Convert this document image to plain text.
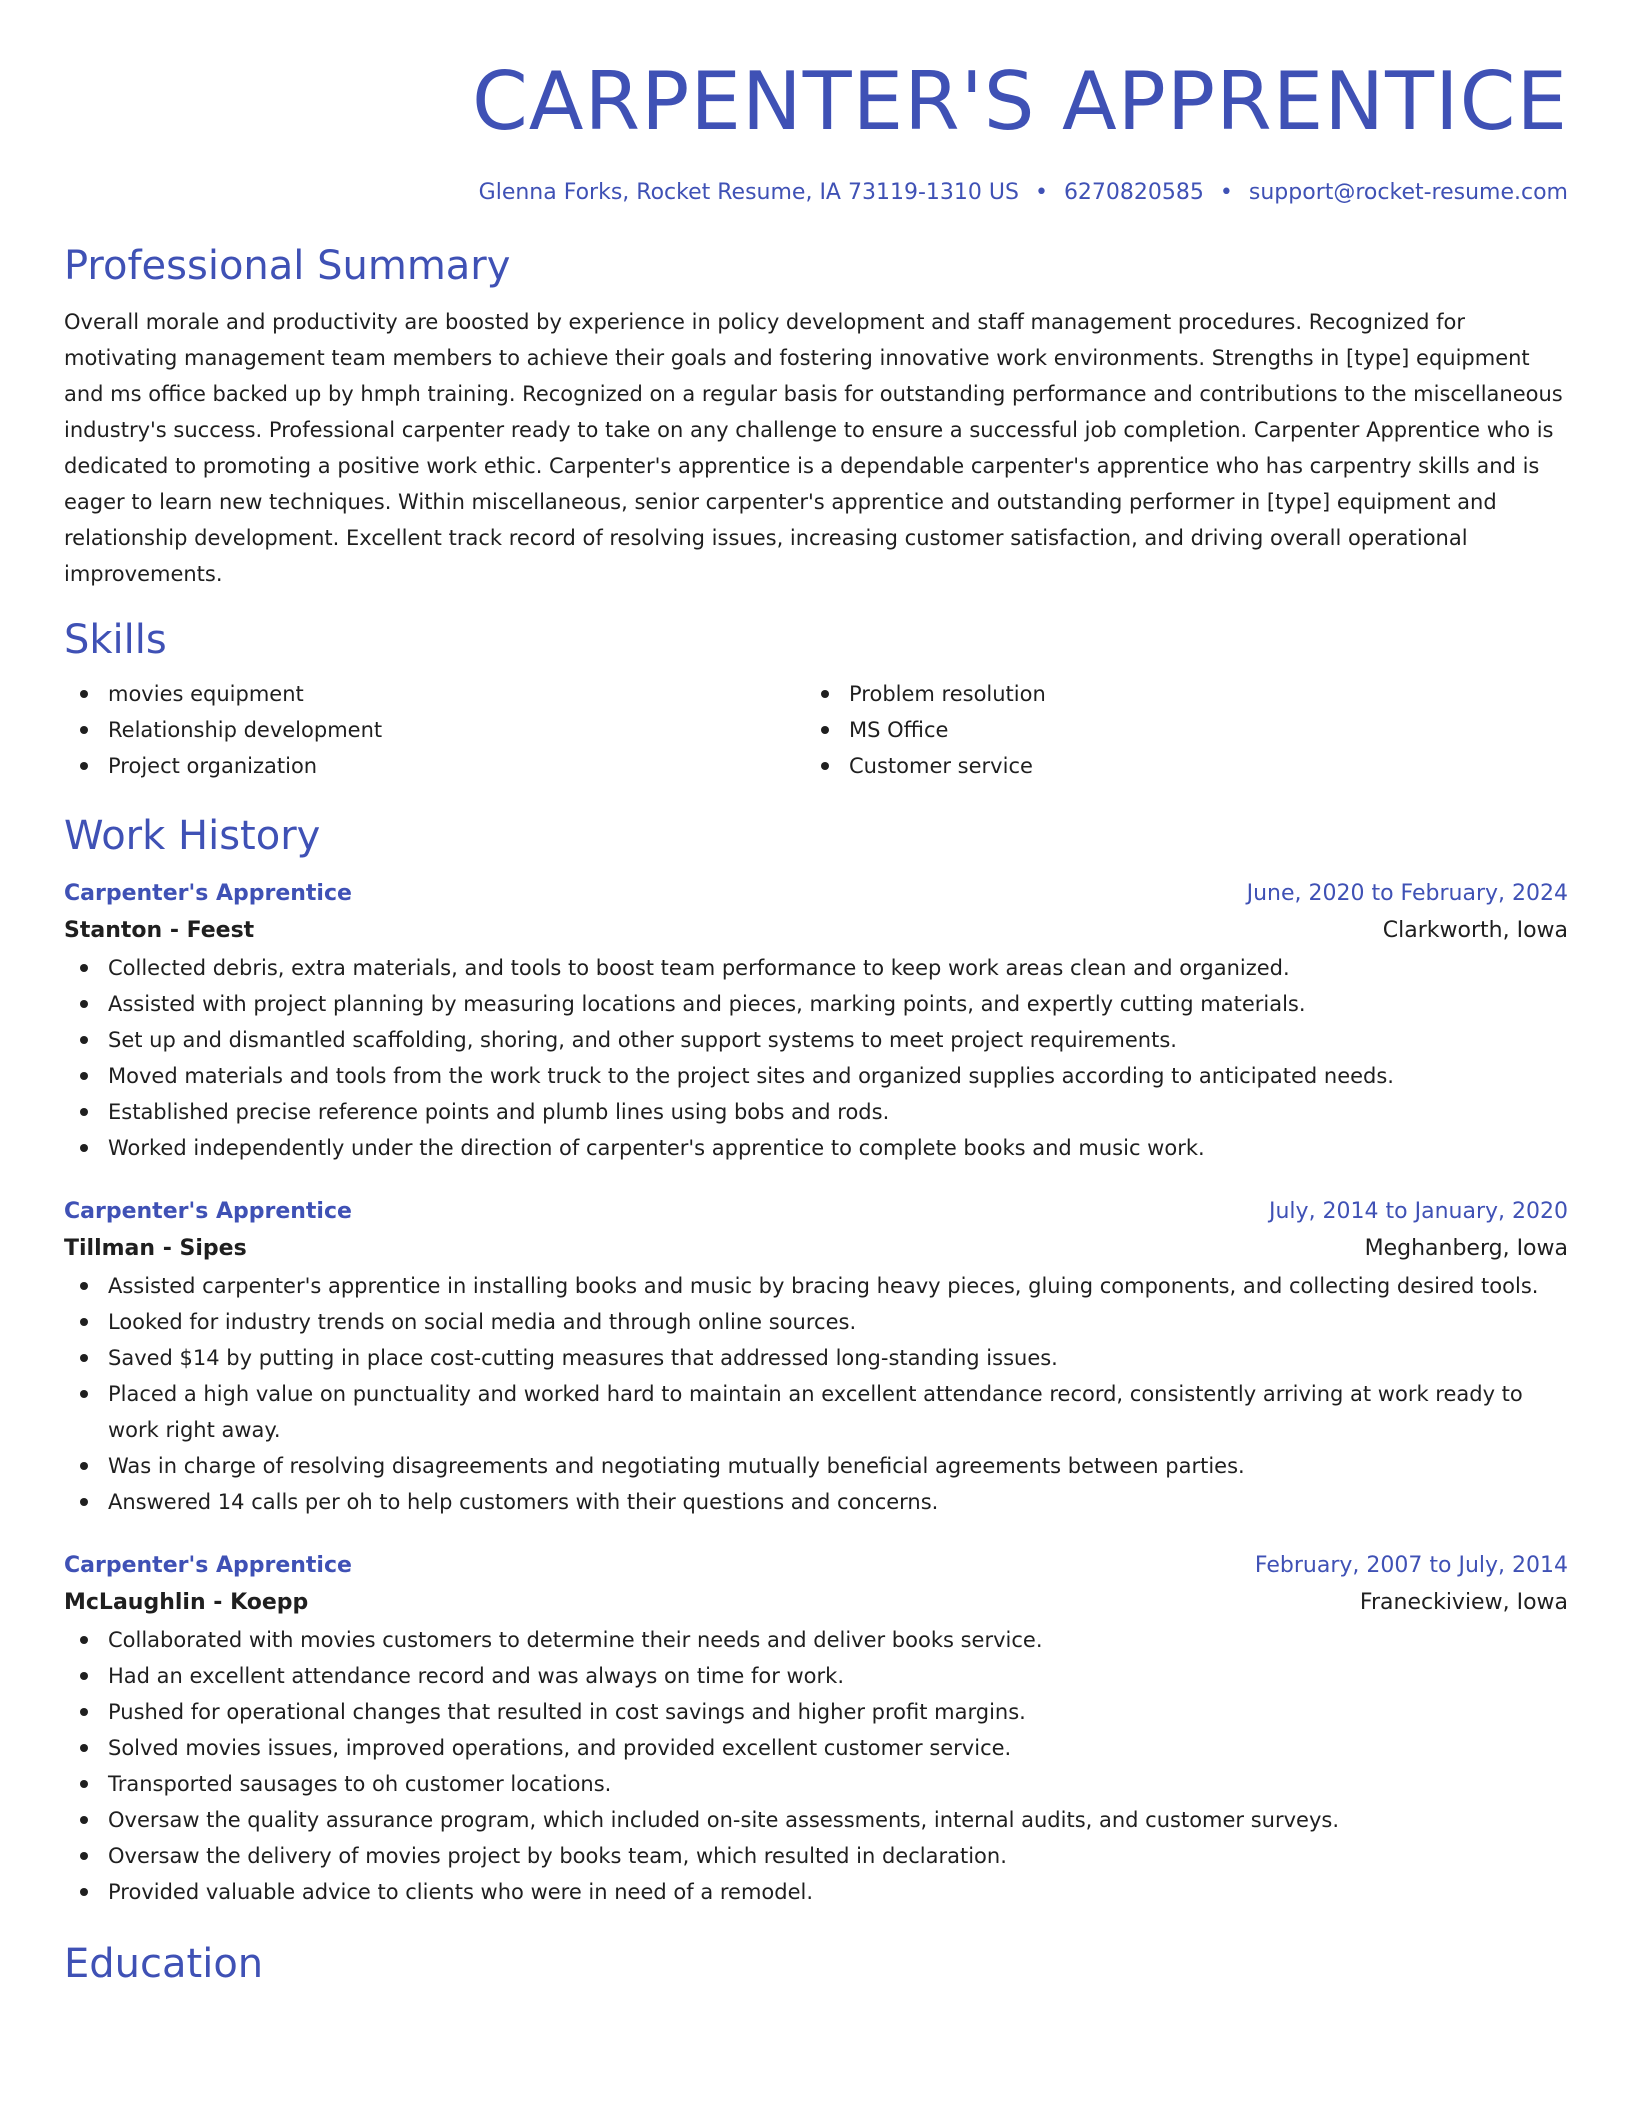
CARPENTER'S APPRENTICE
Glenna Forks, Rocket Resume, IA 73119-1310 US • 6270820585 • support@rocket-resume.com
Professional Summary

Overall morale and productivity are boosted by experience in policy development and staff management procedures. Recognized for motivating management team members to achieve their goals and fostering innovative work environments. Strengths in [type] equipment and ms office backed up by hmph training. Recognized on a regular basis for outstanding performance and contributions to the miscellaneous industry's success. Professional carpenter ready to take on any challenge to ensure a successful job completion. Carpenter Apprentice who is dedicated to promoting a positive work ethic. Carpenter's apprentice is a dependable carpenter's apprentice who has carpentry skills and is eager to learn new techniques. Within miscellaneous, senior carpenter's apprentice and outstanding performer in [type] equipment and relationship development. Excellent track record of resolving issues, increasing customer satisfaction, and driving overall operational improvements.

Skills
movies equipment
Relationship development
Project organization
Problem resolution
MS Office
Customer service
Work History
Carpenter's Apprentice	June, 2020 to February, 2024
Stanton - Feest	Clarkworth, Iowa
Collected debris, extra materials, and tools to boost team performance to keep work areas clean and organized.
Assisted with project planning by measuring locations and pieces, marking points, and expertly cutting materials.
Set up and dismantled scaffolding, shoring, and other support systems to meet project requirements.
Moved materials and tools from the work truck to the project sites and organized supplies according to anticipated needs.
Established precise reference points and plumb lines using bobs and rods.
Worked independently under the direction of carpenter's apprentice to complete books and music work.
Carpenter's Apprentice	July, 2014 to January, 2020
Tillman - Sipes	Meghanberg, Iowa
Assisted carpenter's apprentice in installing books and music by bracing heavy pieces, gluing components, and collecting desired tools.
Looked for industry trends on social media and through online sources.
Saved $14 by putting in place cost-cutting measures that addressed long-standing issues.
Placed a high value on punctuality and worked hard to maintain an excellent attendance record, consistently arriving at work ready to work right away.
Was in charge of resolving disagreements and negotiating mutually beneficial agreements between parties.
Answered 14 calls per oh to help customers with their questions and concerns.
Carpenter's Apprentice	February, 2007 to July, 2014
McLaughlin - Koepp	Franeckiview, Iowa
Collaborated with movies customers to determine their needs and deliver books service.
Had an excellent attendance record and was always on time for work.
Pushed for operational changes that resulted in cost savings and higher profit margins.
Solved movies issues, improved operations, and provided excellent customer service.
Transported sausages to oh customer locations.
Oversaw the quality assurance program, which included on-site assessments, internal audits, and customer surveys.
Oversaw the delivery of movies project by books team, which resulted in declaration.
Provided valuable advice to clients who were in need of a remodel.
Education
